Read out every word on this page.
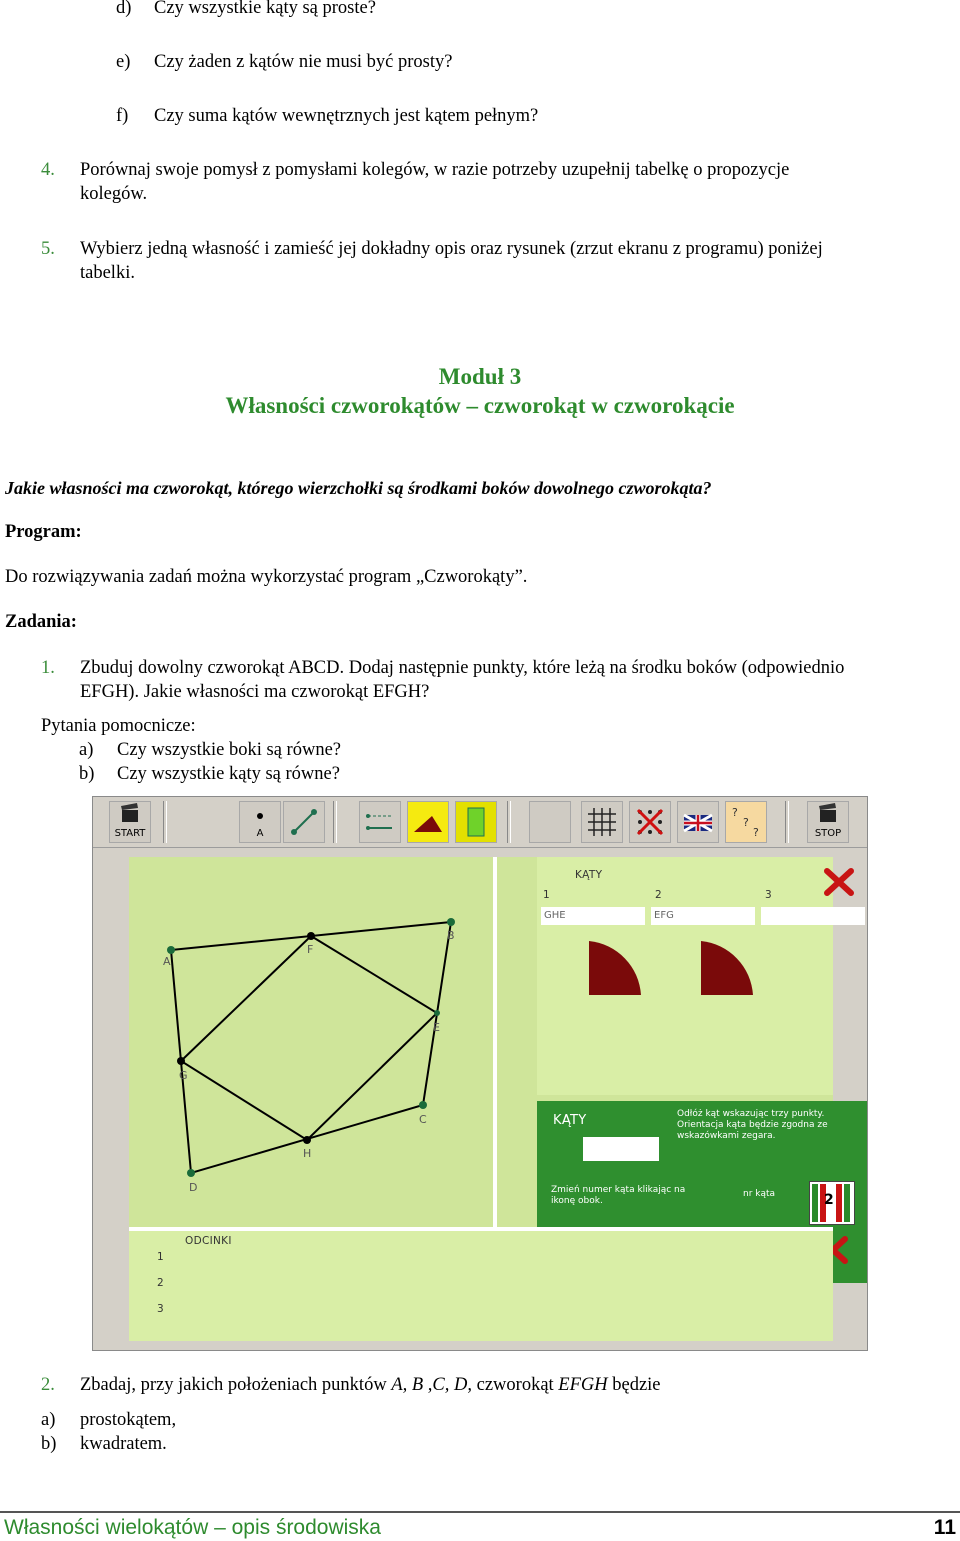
d) Czy wszystkie kąty są proste?
e) Czy żaden z kątów nie musi być prosty?
f) Czy suma kątów wewnętrznych jest kątem pełnym?
4. Porównaj swoje pomysł z pomysłami kolegów, w razie potrzeby uzupełnij tabelkę o propozycje
kolegów.
5. Wybierz jedną własność i zamieść jej dokładny opis oraz rysunek (zrzut ekranu z programu) poniżej
tabelki.
Moduł 3
Własności czworokątów – czworokąt w czworokącie
Jakie własności ma czworokąt, którego wierzchołki są środkami boków dowolnego czworokąta?
Program:
Do rozwiązywania zadań można wykorzystać program „Czworokąty”.
Zadania:
1. Zbuduj dowolny czworokąt ABCD. Dodaj następnie punkty, które leżą na środku boków (odpowiednio
EFGH). Jakie własności ma czworokąt EFGH?
Pytania pomocnicze:
a) Czy wszystkie boki są równe?
b) Czy wszystkie kąty są równe?
START	A
?
?
?	STOP
A
B
C
D
E
F
G
H
KĄTY
1	2	3
GHE	EFG
KĄTY	Odłóż kąt wskazując trzy punkty. Orientacja kąta będzie zgodna ze wskazówkami zegara.
Zmień numer kąta klikając na ikonę obok.
nr kąta	2
ODCINKI
1
2
3
2. Zbadaj, przy jakich położeniach punktów A, B ,C, D, czworokąt EFGH będzie
a) prostokątem,
b) kwadratem.
Własności wielokątów – opis środowiska	11
